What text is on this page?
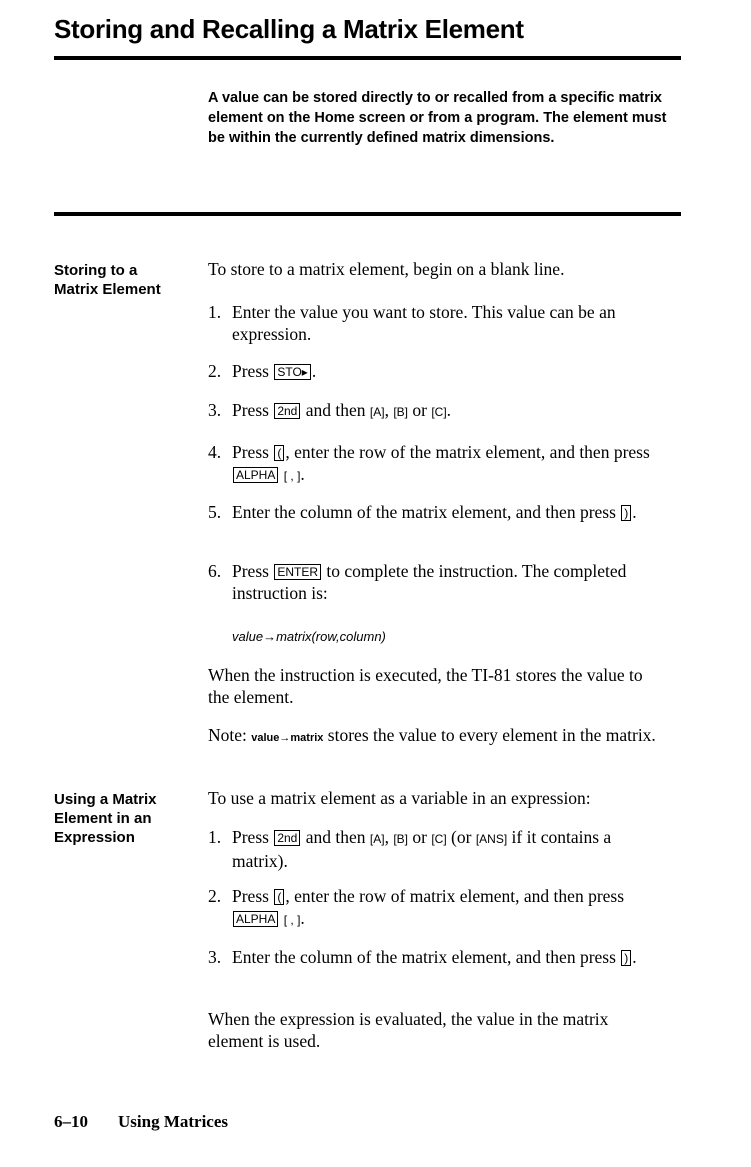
Storing and Recalling a Matrix Element
A value can be stored directly to or recalled from a specific matrix element on the Home screen or from a program. The element must be within the currently defined matrix dimensions.
Storing to a
Matrix Element
To store to a matrix element, begin on a blank line.
1. Enter the value you want to store. This value can be an expression.
2. Press STO▸ .
3. Press 2nd and then [A], [B] or [C].
4. Press ( , enter the row of the matrix element, and then press ALPHA [ , ].
5. Enter the column of the matrix element, and then press ) .
6. Press ENTER to complete the instruction. The completed instruction is:
value→matrix(row,column)
When the instruction is executed, the TI-81 stores the value to the element.
Note: value→matrix stores the value to every element in the matrix.
Using a Matrix
Element in an
Expression
To use a matrix element as a variable in an expression:
1. Press 2nd and then [A], [B] or [C] (or [ANS] if it contains a matrix).
2. Press ( , enter the row of matrix element, and then press ALPHA [ , ].
3. Enter the column of the matrix element, and then press ) .
When the expression is evaluated, the value in the matrix element is used.
6–10 Using Matrices
